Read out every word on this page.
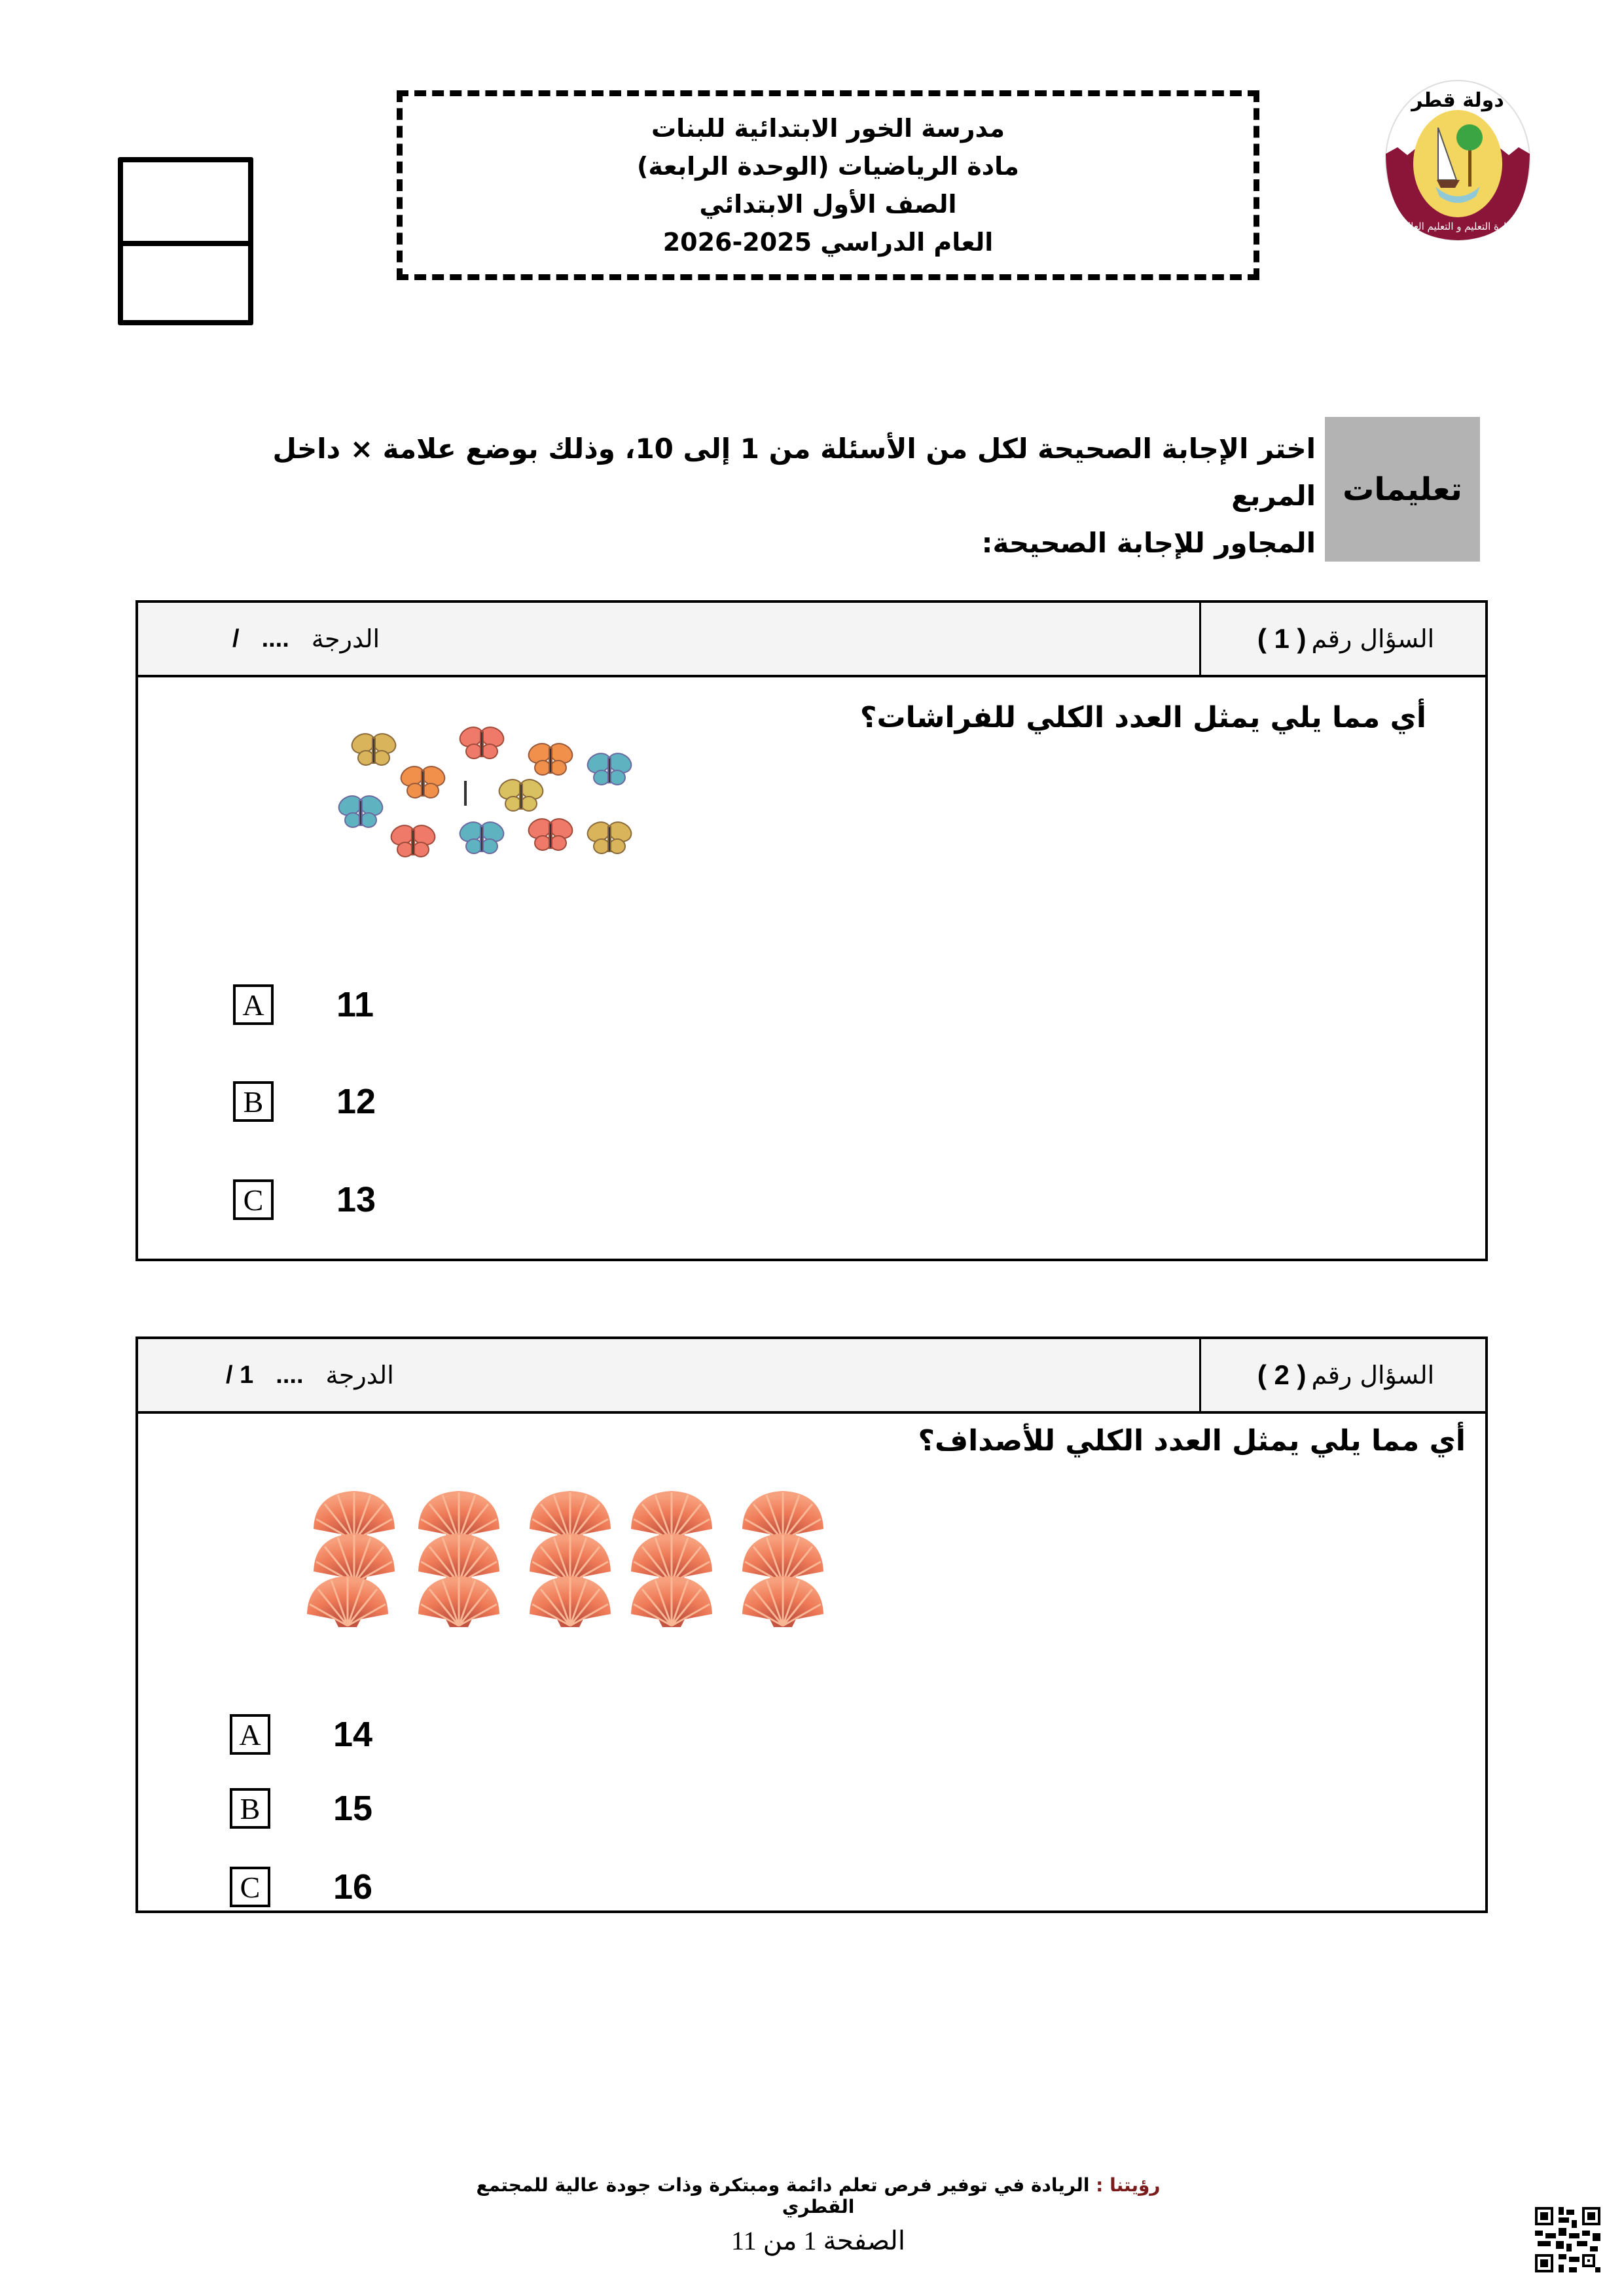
مدرسة الخور الابتدائية للبنات
مادة الرياضيات (الوحدة الرابعة)
الصف الأول الابتدائي
العام الدراسي 2025-2026
دولة قطر
وزارة التعليم و التعليم العالي
تعليمات
اختر الإجابة الصحيحة لكل من الأسئلة من 1 إلى 10، وذلك بوضع علامة × داخل المربع
المجاور للإجابة الصحيحة:
السؤال رقم
( 1 )
الدرجة
....
/
أي مما يلي يمثل العدد الكلي للفراشات؟
A 11
B 12
C 13
السؤال رقم
( 2 )
الدرجة
....
1 /
أي مما يلي يمثل العدد الكلي للأصداف؟
A 14
B 15
C 16
رؤيتنا : الريادة في توفير فرص تعلم دائمة ومبتكرة وذات جودة عالية للمجتمع القطري
الصفحة 1 من 11
